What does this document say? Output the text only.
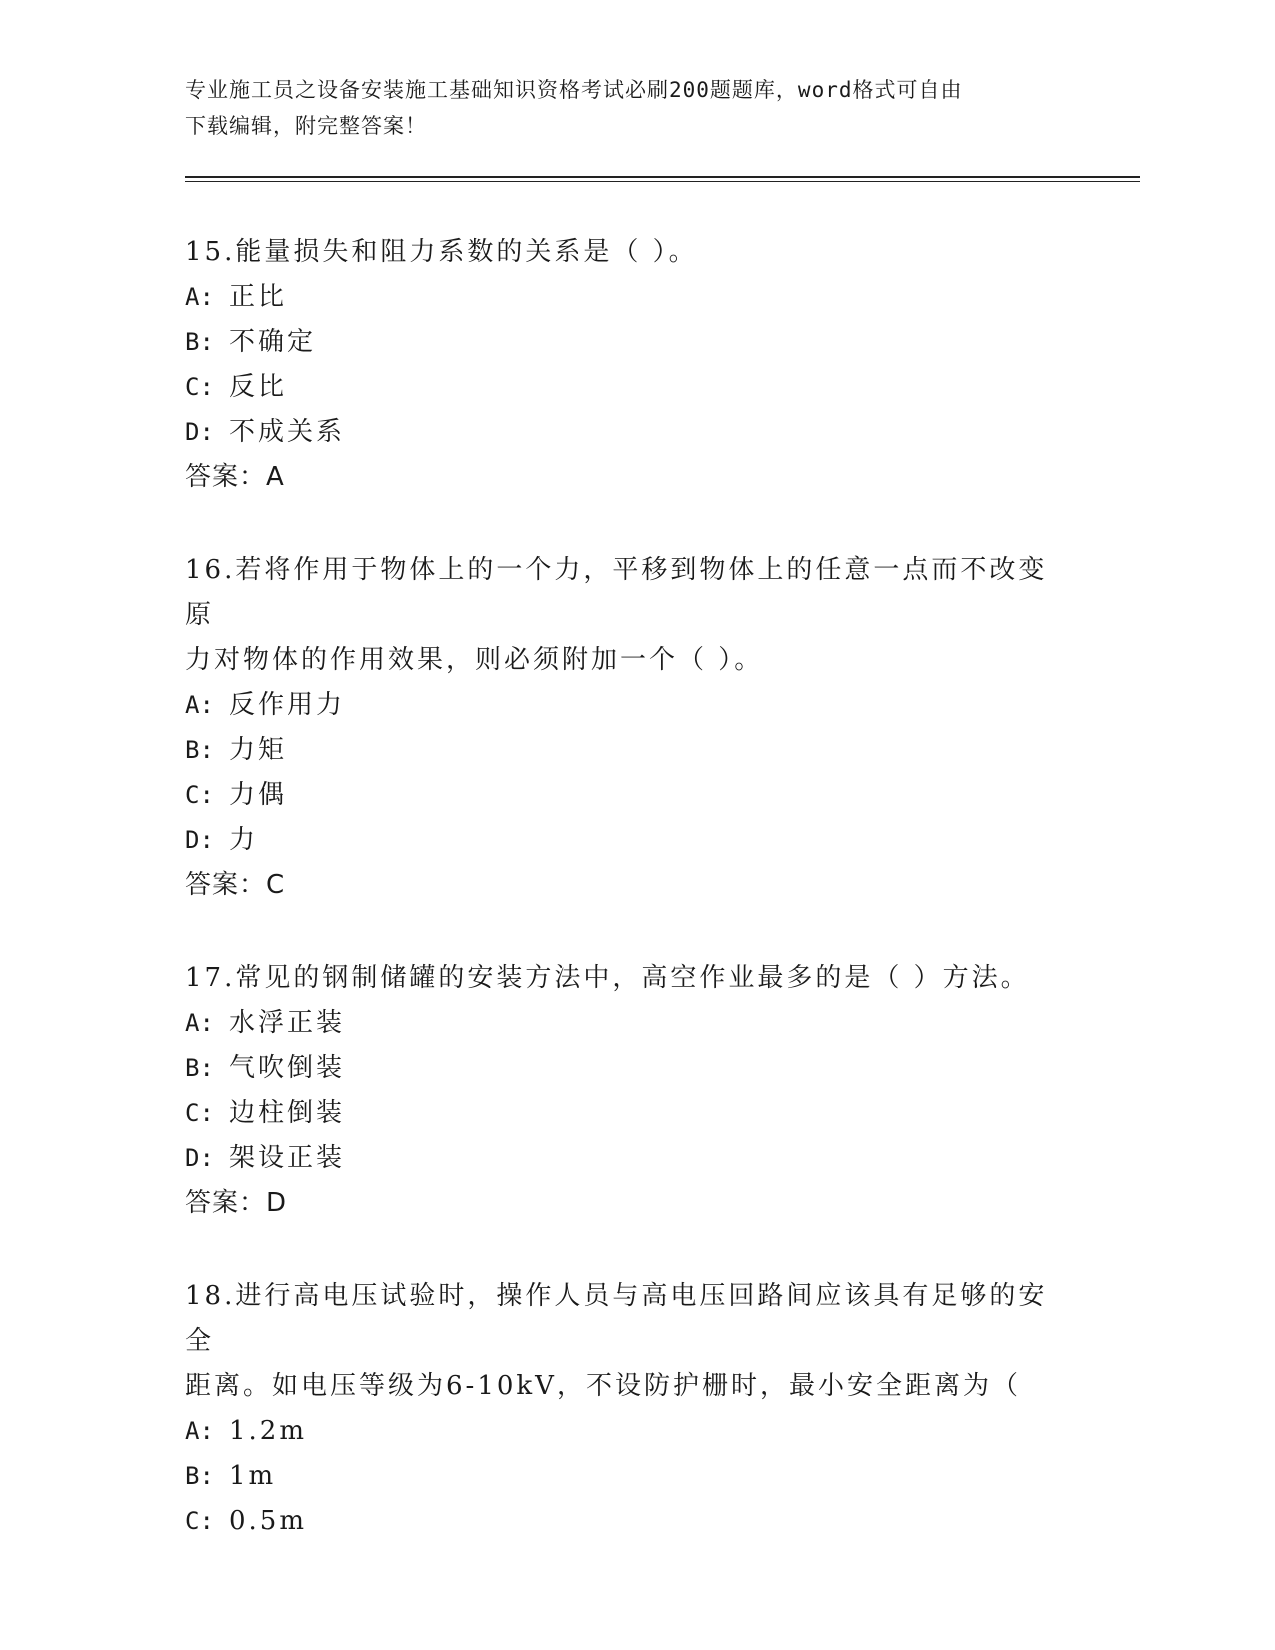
专业施工员之设备安装施工基础知识资格考试必刷200题题库，word格式可自由
下载编辑，附完整答案！
15.能量损失和阻力系数的关系是（ ）。
A: 正比
B: 不确定
C: 反比
D: 不成关系
答案：A
16.若将作用于物体上的一个力，平移到物体上的任意一点而不改变原
力对物体的作用效果，则必须附加一个（ ）。
A: 反作用力
B: 力矩
C: 力偶
D: 力
答案：C
17.常见的钢制储罐的安装方法中，高空作业最多的是（ ）方法。
A: 水浮正装
B: 气吹倒装
C: 边柱倒装
D: 架设正装
答案：D
18.进行高电压试验时，操作人员与高电压回路间应该具有足够的安全
距离。如电压等级为6-10kV，不设防护栅时，最小安全距离为（
A: 1.2m
B: 1m
C: 0.5m
